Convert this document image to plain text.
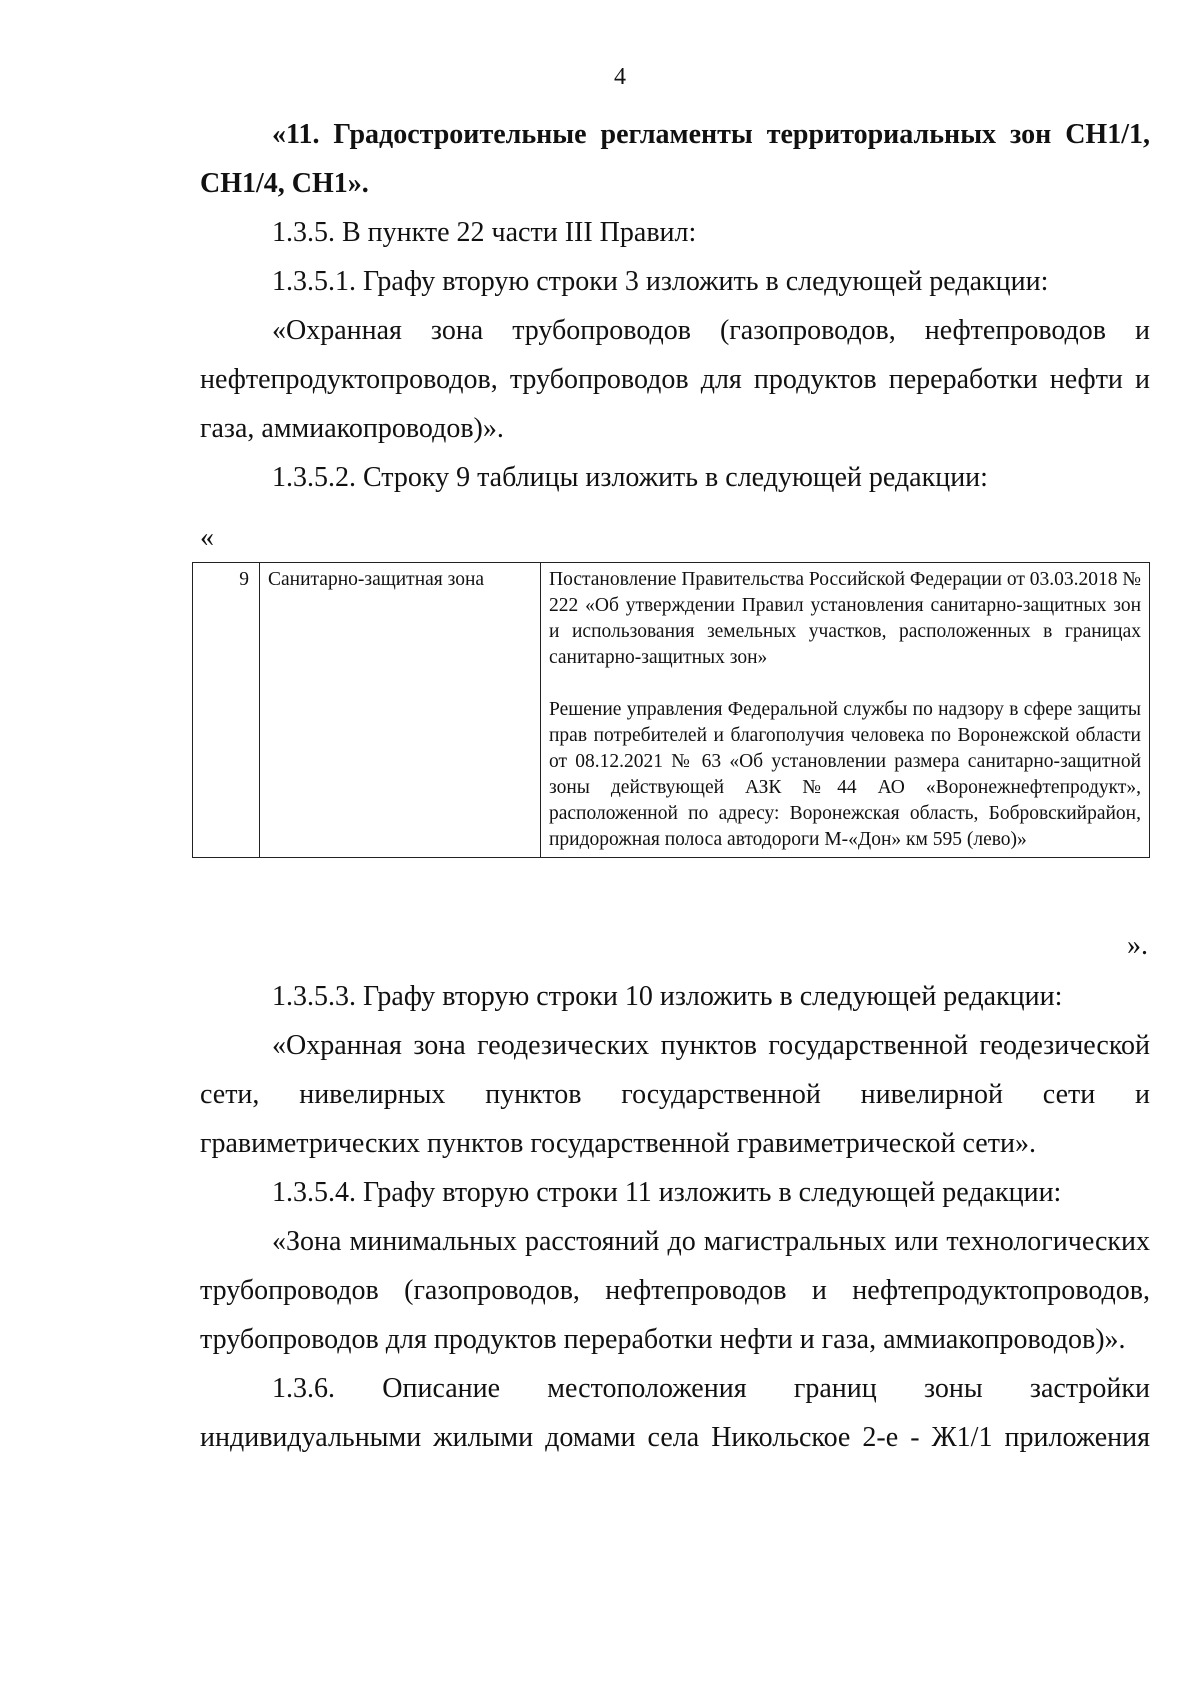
4
«11. Градостроительные регламенты территориальных зон СН1/1, СН1/4, СН1».
1.3.5. В пункте 22 части III Правил:
1.3.5.1. Графу вторую строки 3 изложить в следующей редакции:
«Охранная зона трубопроводов (газопроводов, нефтепроводов и нефтепродуктопроводов, трубопроводов для продуктов переработки нефти и газа, аммиакопроводов)».
1.3.5.2. Строку 9 таблицы изложить в следующей редакции:
«
9	Санитарно-защитная зона	Постановление Правительства Российской Федерации от 03.03.2018 № 222 «Об утверждении Правил установления санитарно-защитных зон и использования земельных участков, расположенных в границах санитарно-защитных зон»

Решение управления Федеральной службы по надзору в сфере защиты прав потребителей и благополучия человека по Воронежской области от 08.12.2021 № 63 «Об установлении размера санитарно-защитной зоны действующей АЗК №44 АО «Воронежнефтепродукт», расположенной по адресу: Воронежская область, Бобровскийрайон, придорожная полоса автодороги М-«Дон» км 595 (лево)»

».
1.3.5.3. Графу вторую строки 10 изложить в следующей редакции:
«Охранная зона геодезических пунктов государственной геодезической сети, нивелирных пунктов государственной нивелирной сети и гравиметрических пунктов государственной гравиметрической сети».
1.3.5.4. Графу вторую строки 11 изложить в следующей редакции:
«Зона минимальных расстояний до магистральных или технологических трубопроводов (газопроводов, нефтепроводов и нефтепродуктопроводов, трубопроводов для продуктов переработки нефти и газа, аммиакопроводов)».
1.3.6. Описание местоположения границ зоны застройки индивидуальными жилыми домами села Никольское 2-е - Ж1/1 приложения
